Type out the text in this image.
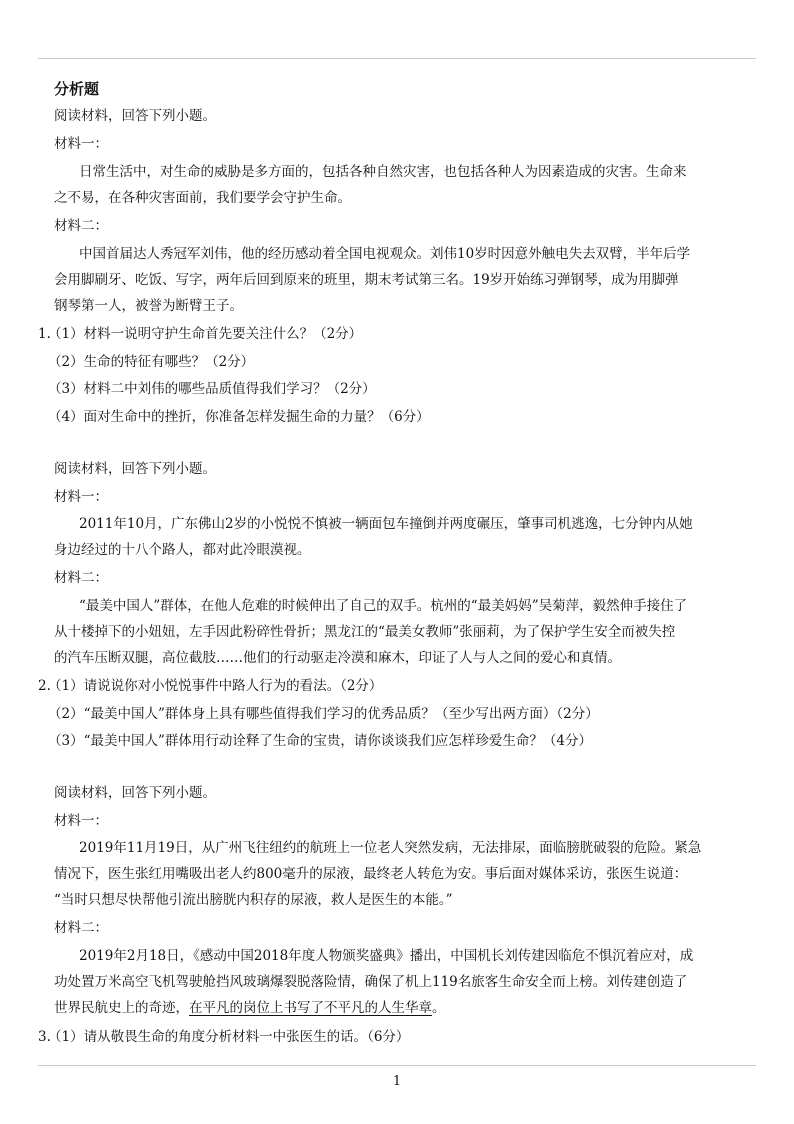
分析题
阅读材料，回答下列小题。
材料一：
日常生活中，对生命的威胁是多方面的，包括各种自然灾害，也包括各种人为因素造成的灾害。生命来
之不易，在各种灾害面前，我们要学会守护生命。
材料二：
中国首届达人秀冠军刘伟，他的经历感动着全国电视观众。刘伟10岁时因意外触电失去双臂，半年后学
会用脚刷牙、吃饭、写字，两年后回到原来的班里，期末考试第三名。19岁开始练习弹钢琴，成为用脚弹
钢琴第一人，被誉为断臂王子。
1.
（1）材料一说明守护生命首先要关注什么？（2分）
（2）生命的特征有哪些？（2分）
（3）材料二中刘伟的哪些品质值得我们学习？（2分）
（4）面对生命中的挫折，你准备怎样发掘生命的力量？（6分）
阅读材料，回答下列小题。
材料一：
2011年10月，广东佛山2岁的小悦悦不慎被一辆面包车撞倒并两度碾压，肇事司机逃逸，七分钟内从她
身边经过的十八个路人，都对此冷眼漠视。
材料二：
“最美中国人”群体，在他人危难的时候伸出了自己的双手。杭州的“最美妈妈”吴菊萍，毅然伸手接住了
从十楼掉下的小妞妞，左手因此粉碎性骨折；黑龙江的“最美女教师”张丽莉，为了保护学生安全而被失控
的汽车压断双腿，高位截肢……他们的行动驱走冷漠和麻木，印证了人与人之间的爱心和真情。
2.
（1）请说说你对小悦悦事件中路人行为的看法。（2分）
（2）“最美中国人”群体身上具有哪些值得我们学习的优秀品质？（至少写出两方面）（2分）
（3）“最美中国人”群体用行动诠释了生命的宝贵，请你谈谈我们应怎样珍爱生命？（4分）
阅读材料，回答下列小题。
材料一：
2019年11月19日，从广州飞往纽约的航班上一位老人突然发病，无法排尿，面临膀胱破裂的危险。紧急
情况下，医生张红用嘴吸出老人约800毫升的尿液，最终老人转危为安。事后面对媒体采访，张医生说道：
“当时只想尽快帮他引流出膀胱内积存的尿液，救人是医生的本能。”
材料二：
2019年2月18日，《感动中国2018年度人物颁奖盛典》播出，中国机长刘传建因临危不惧沉着应对，成
功处置万米高空飞机驾驶舱挡风玻璃爆裂脱落险情，确保了机上119名旅客生命安全而上榜。刘传建创造了
世界民航史上的奇迹，在平凡的岗位上书写了不平凡的人生华章。
3.
（1）请从敬畏生命的角度分析材料一中张医生的话。（6分）
1
